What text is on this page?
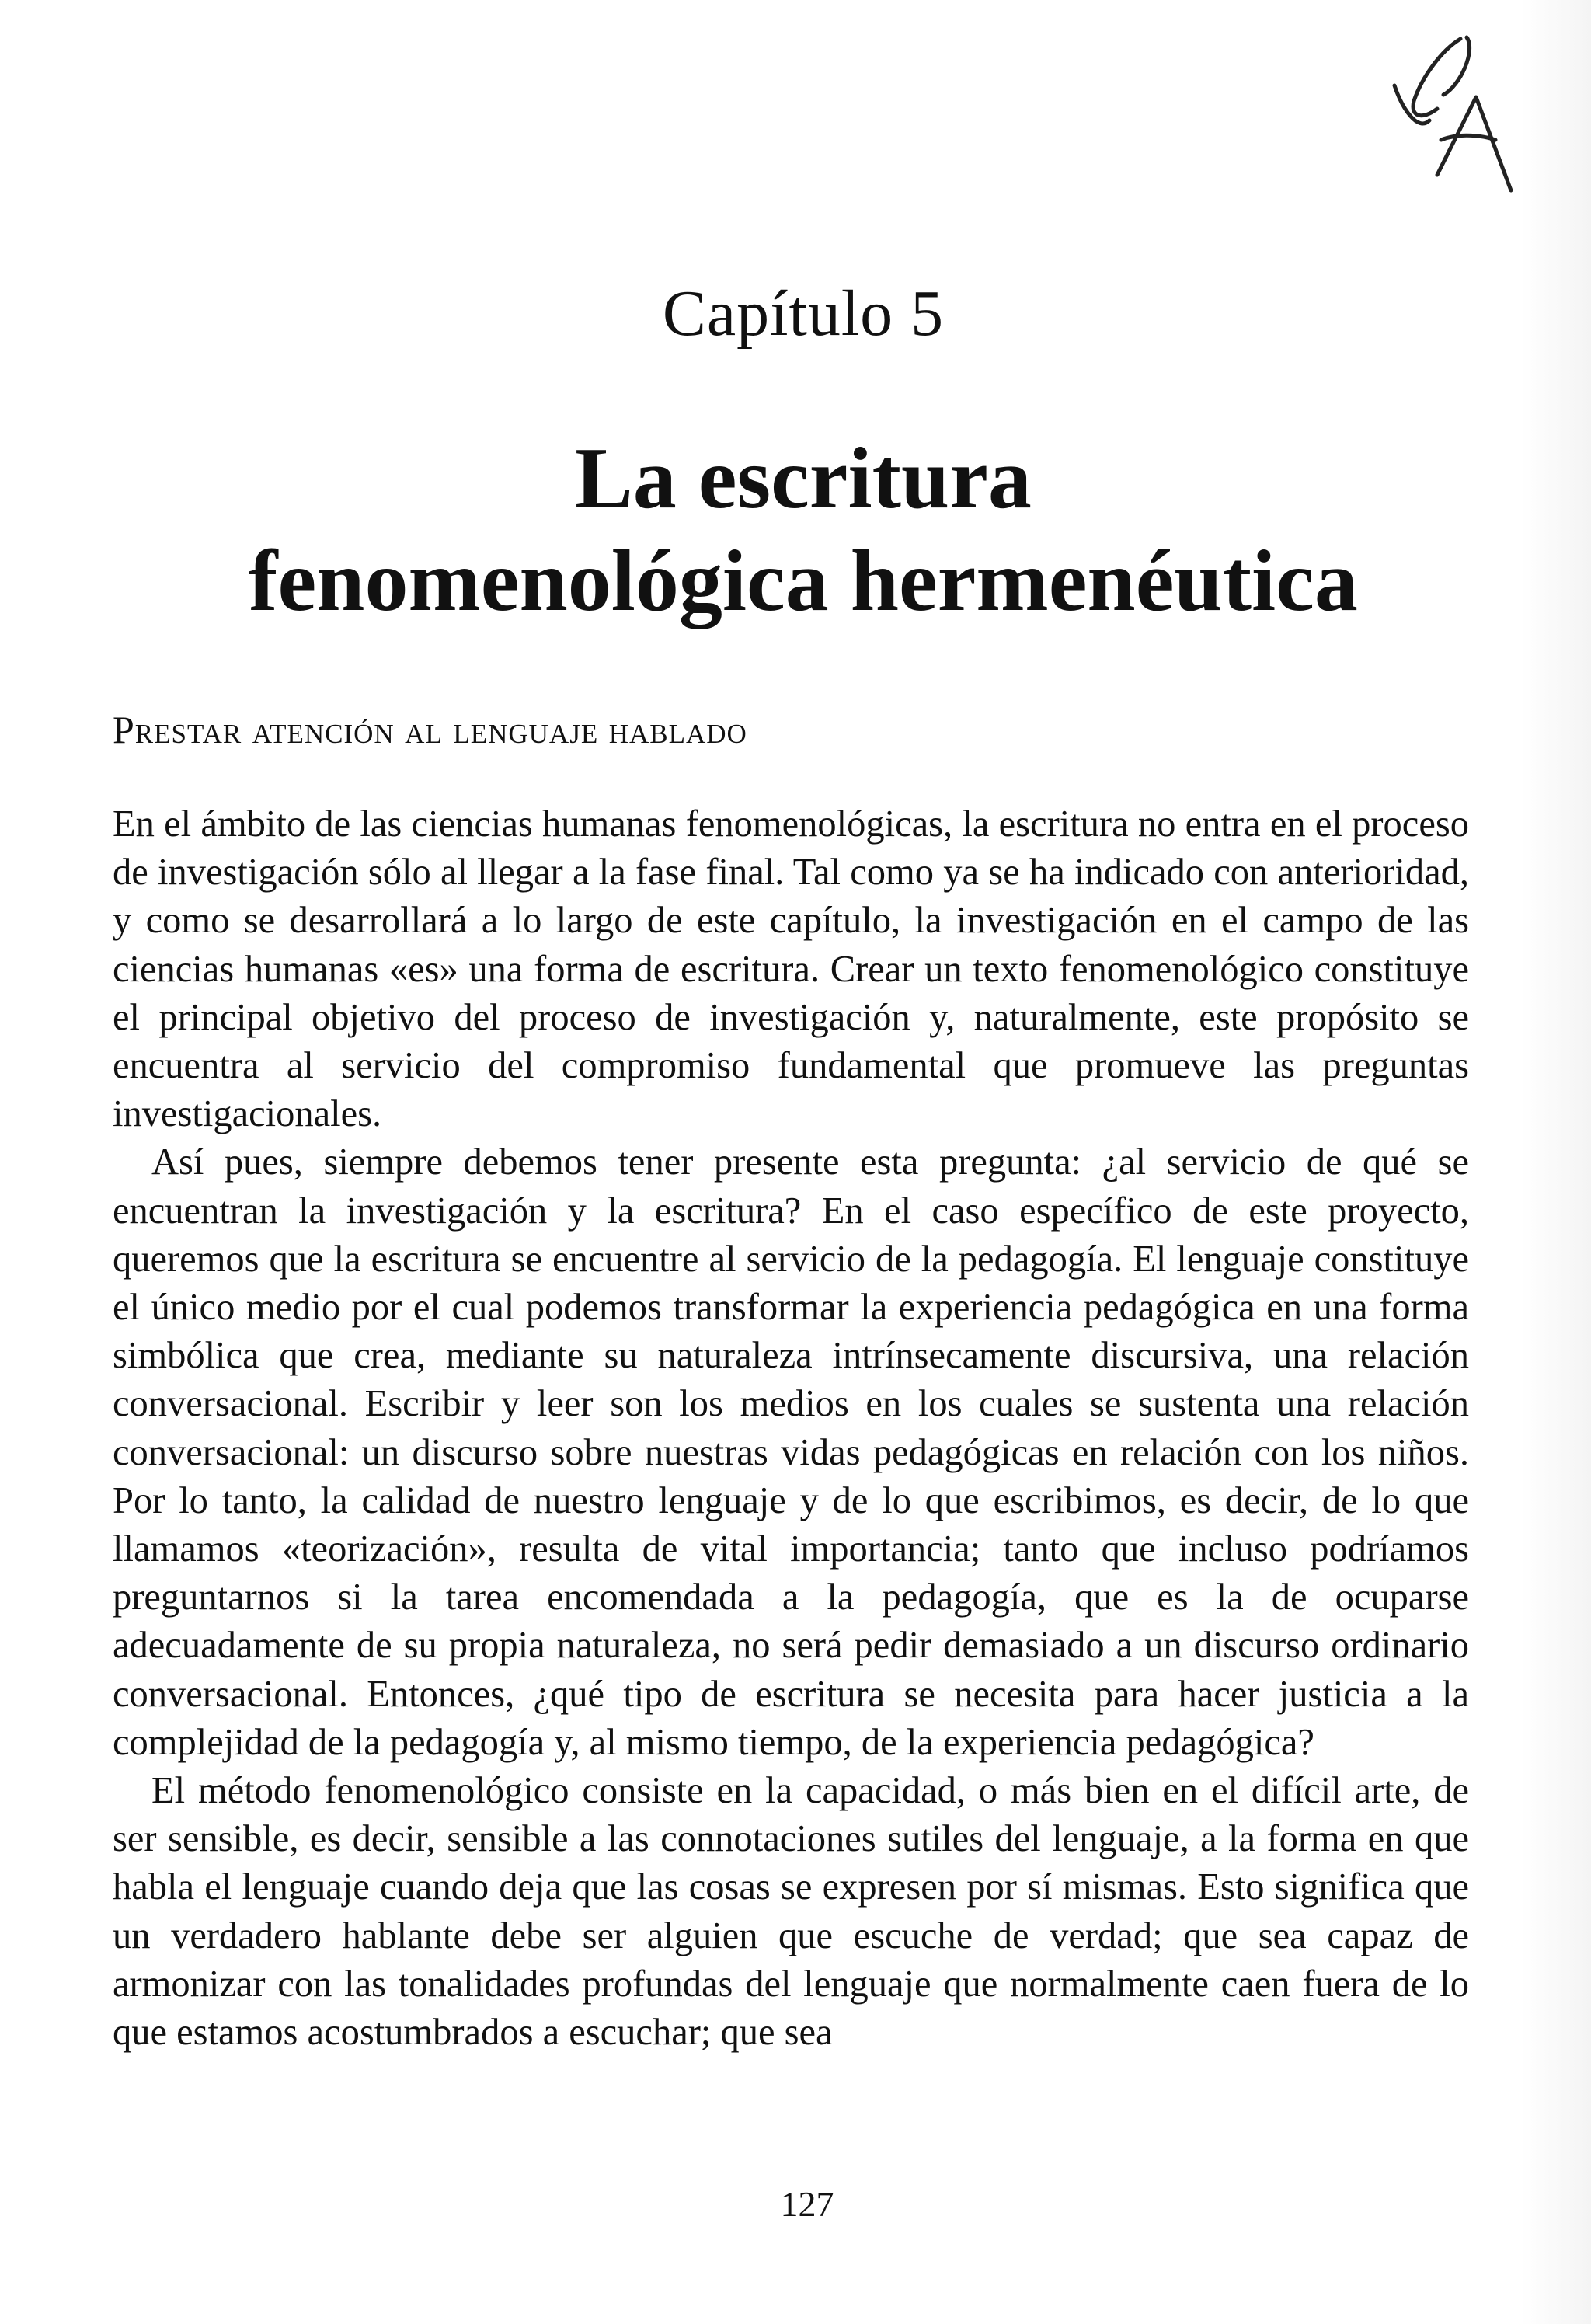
Capítulo 5
La escritura
fenomenológica hermenéutica
Prestar atención al lenguaje hablado

En el ámbito de las ciencias humanas fenomenológicas, la escritura no entra en el proceso de investigación sólo al llegar a la fase final. Tal como ya se ha indicado con anterioridad, y como se desarrollará a lo largo de este capítulo, la investigación en el campo de las ciencias humanas «es» una forma de escritura. Crear un texto fenomenológico constituye el principal objetivo del proceso de investigación y, naturalmente, este propósito se encuentra al servicio del compromiso fundamental que promueve las preguntas investigacionales.

Así pues, siempre debemos tener presente esta pregunta: ¿al servicio de qué se encuentran la investigación y la escritura? En el caso específico de este proyecto, queremos que la escritura se encuentre al servicio de la pedagogía. El lenguaje constituye el único medio por el cual podemos transformar la experiencia pedagógica en una forma simbólica que crea, mediante su naturaleza intrínsecamente discursiva, una relación conversacional. Escribir y leer son los medios en los cuales se sustenta una relación conversacional: un discurso sobre nuestras vidas pedagógicas en relación con los niños. Por lo tanto, la calidad de nuestro lenguaje y de lo que escribimos, es decir, de lo que llamamos «teorización», resulta de vital importancia; tanto que incluso podríamos preguntarnos si la tarea encomendada a la pedagogía, que es la de ocuparse adecuadamente de su propia naturaleza, no será pedir demasiado a un discurso ordinario conversacional. Entonces, ¿qué tipo de escritura se necesita para hacer justicia a la complejidad de la pedagogía y, al mismo tiempo, de la experiencia pedagógica?

El método fenomenológico consiste en la capacidad, o más bien en el difícil arte, de ser sensible, es decir, sensible a las connotaciones sutiles del lenguaje, a la forma en que habla el lenguaje cuando deja que las cosas se expresen por sí mismas. Esto significa que un verdadero hablante debe ser alguien que escuche de verdad; que sea capaz de armonizar con las tonalidades profundas del lenguaje que normalmente caen fuera de lo que estamos acostumbrados a escuchar; que sea

127
